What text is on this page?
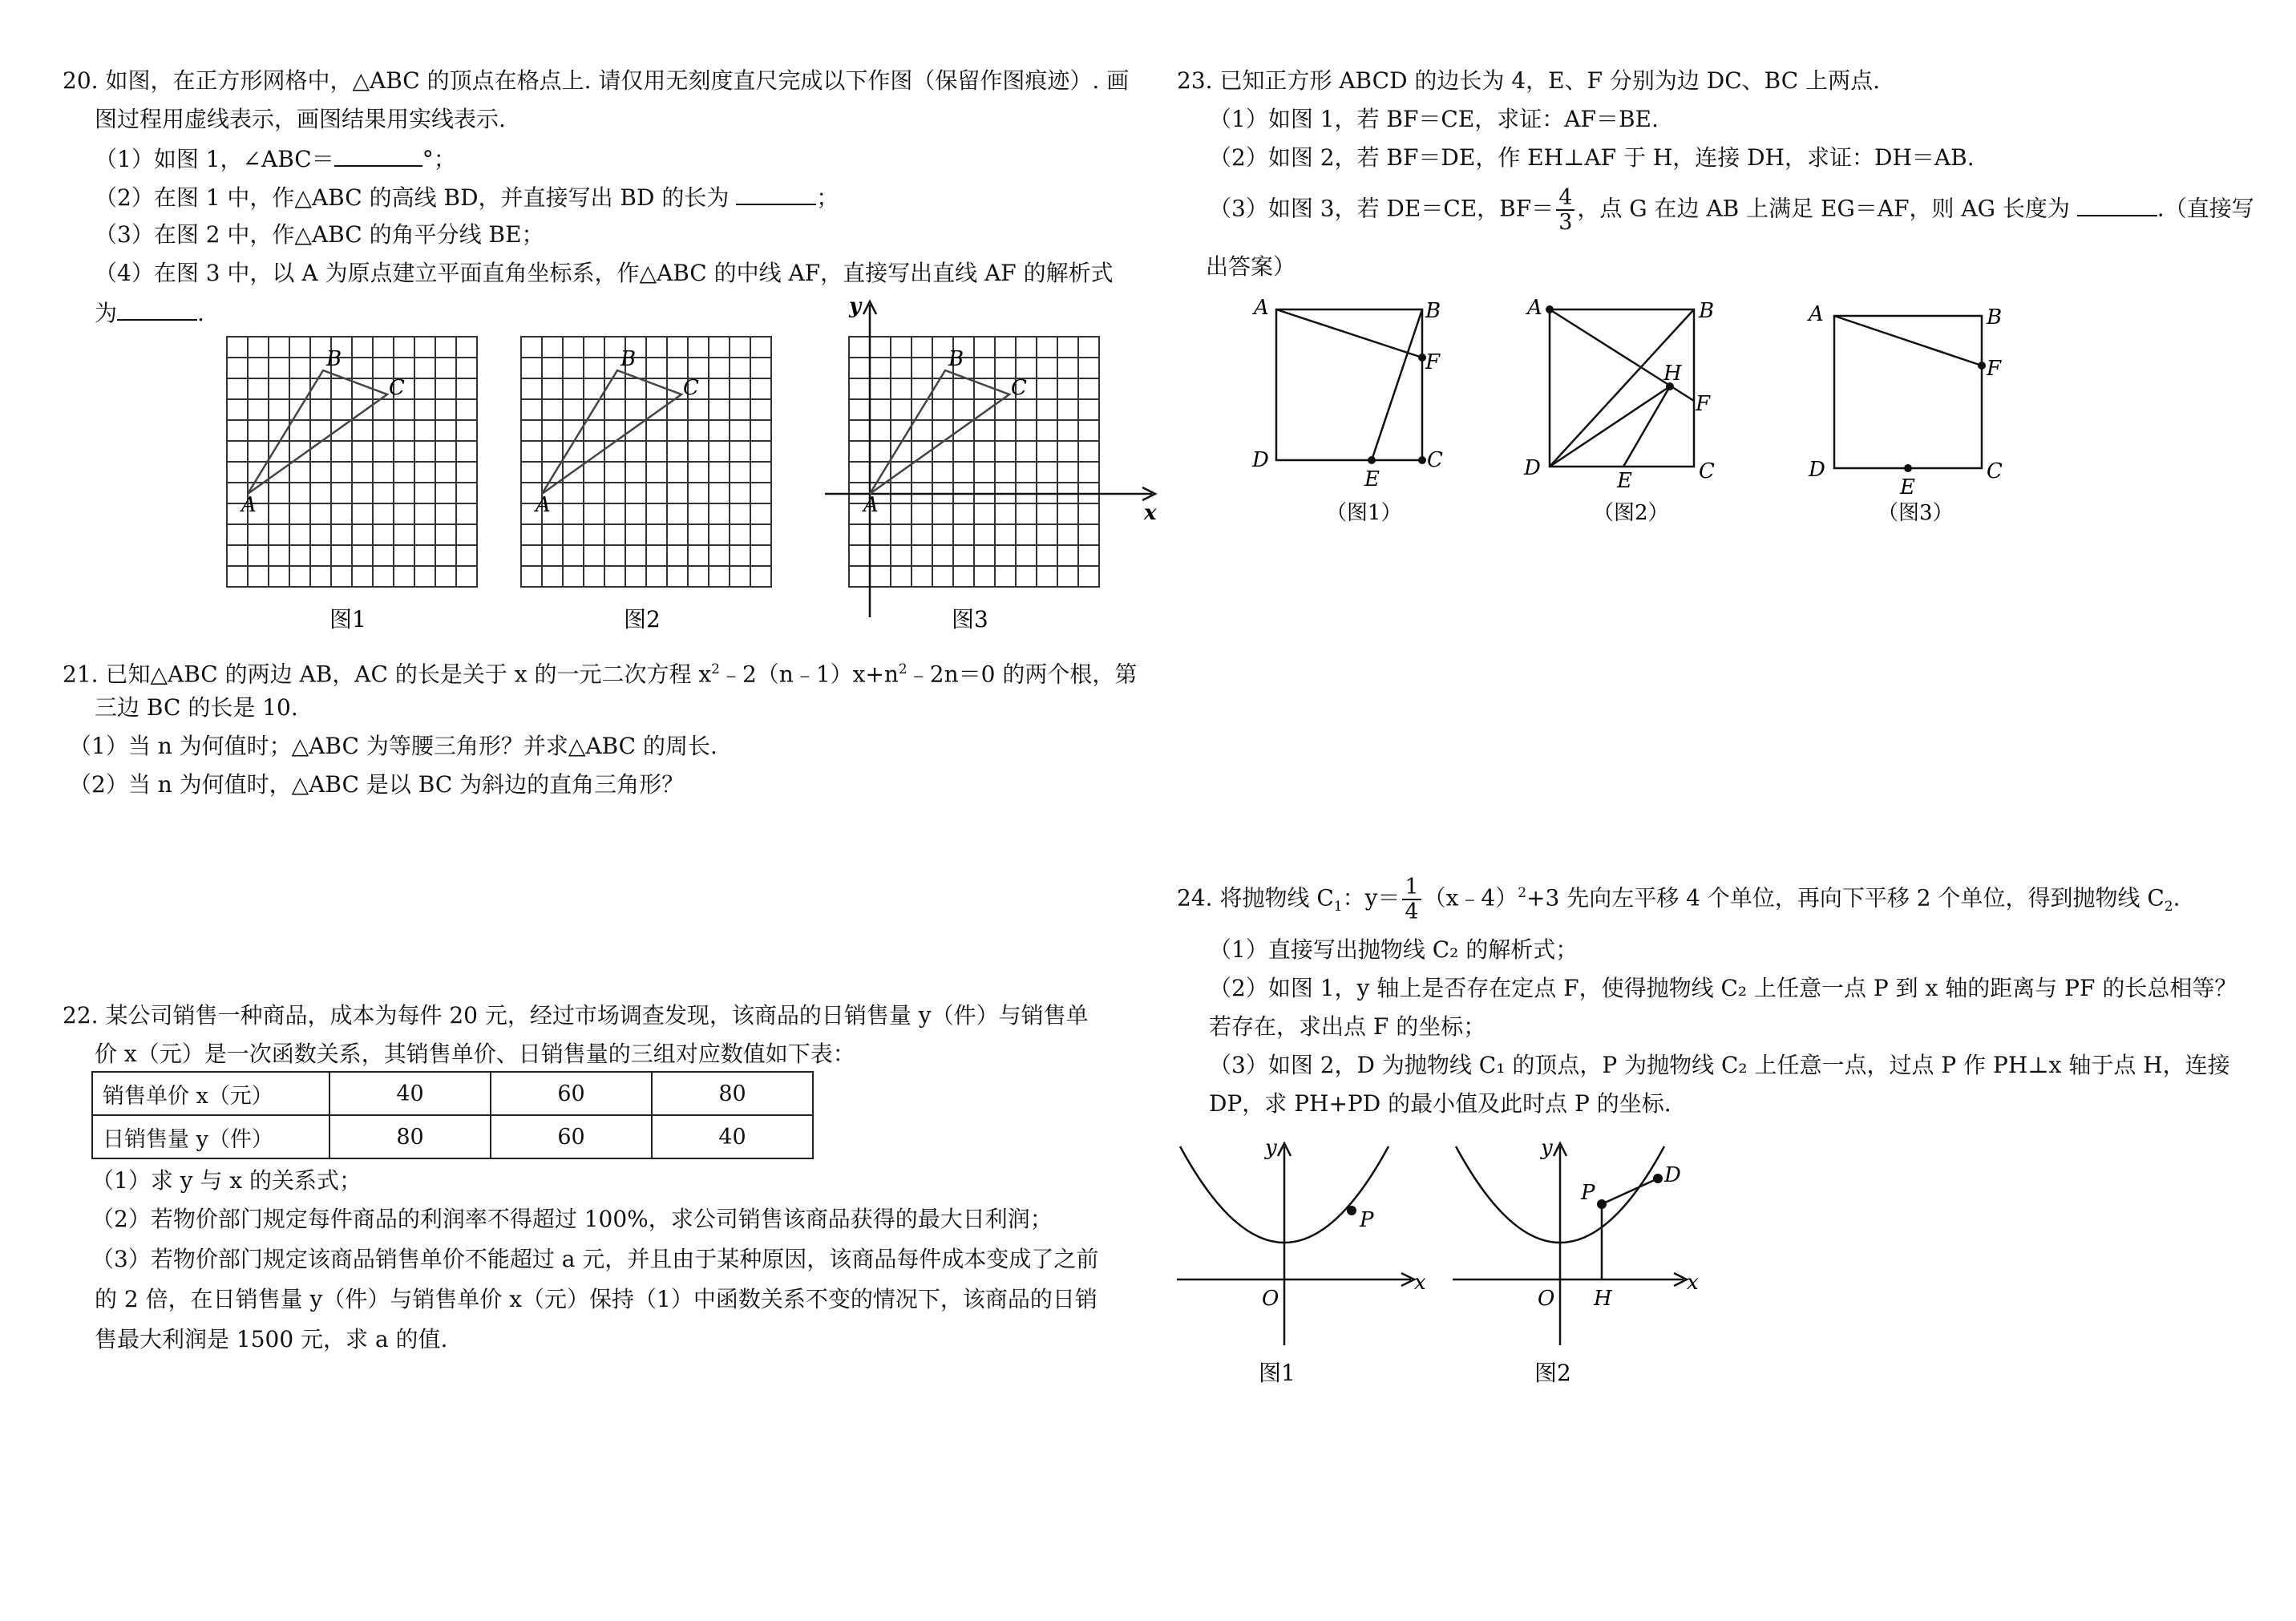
20. 如图，在正方形网格中，△ABC 的顶点在格点上. 请仅用无刻度直尺完成以下作图（保留作图痕迹）. 画
图过程用虚线表示，画图结果用实线表示.
（1）如图 1，∠ABC＝	°；
（2）在图 1 中，作△ABC 的高线 BD，并直接写出 BD 的长为	；
（3）在图 2 中，作△ABC 的角平分线 BE；
（4）在图 3 中，以 A 为原点建立平面直角坐标系，作△ABC 的中线 AF，直接写出直线 AF 的解析式
为	.
A
B
C
图1
A
B
C
图2
x
y
A
B
C
图3
21. 已知△ABC 的两边 AB，AC 的长是关于 x 的一元二次方程 $x^2﹣2(n﹣1)x+n^2﹣2n=0$ 的两个根，第
三边 BC 的长是 10.
（1）当 n 为何值时；△ABC 为等腰三角形？并求△ABC 的周长.
（2）当 n 为何值时，△ABC 是以 BC 为斜边的直角三角形？
22. 某公司销售一种商品，成本为每件 20 元，经过市场调查发现，该商品的日销售量 y（件）与销售单
价 x（元）是一次函数关系，其销售单价、日销售量的三组对应数值如下表：
销售单价 x（元）	40	60	80
日销售量 y（件）	80	60	40
（1）求 y 与 x 的关系式；
（2）若物价部门规定每件商品的利润率不得超过 100%，求公司销售该商品获得的最大日利润；
（3）若物价部门规定该商品销售单价不能超过 a 元，并且由于某种原因，该商品每件成本变成了之前
的 2 倍，在日销售量 y（件）与销售单价 x（元）保持（1）中函数关系不变的情况下，该商品的日销
售最大利润是 1500 元，求 a 的值.
23. 已知正方形 ABCD 的边长为 4，E、F 分别为边 DC、BC 上两点.
（1）如图 1，若 BF＝CE，求证：AF＝BE.
（2）如图 2，若 BF＝DE，作 EH⊥AF 于 H，连接 DH，求证：DH＝AB.
（3）如图 3，若 DE＝CE，$BF= \frac{4}{3}$ ，点 G 在边 AB 上满足 EG＝AF，则 AG 长度为	.（直接写
出答案）
A	B
F
C
D
E
（图1）
A	B
H
F
C
D
E
（图2）
A	B
F
C
D
E
（图3）
24. 将抛物线 $C_1$：$y= \frac{1}{4}$ （x﹣4）$^2$+3 先向左平移 4 个单位，再向下平移 2 个单位，得到抛物线 $C_2$.
（1）直接写出抛物线 C₂ 的解析式；
（2）如图 1，y 轴上是否存在定点 F，使得抛物线 C₂ 上任意一点 P 到 x 轴的距离与 PF 的长总相等？
若存在，求出点 F 的坐标；
（3）如图 2，D 为抛物线 C₁ 的顶点，P 为抛物线 C₂ 上任意一点，过点 P 作 PH⊥x 轴于点 H，连接
DP，求 PH+PD 的最小值及此时点 P 的坐标.
P
x
y
O
图1
P
D
H
x
y
O
图2
